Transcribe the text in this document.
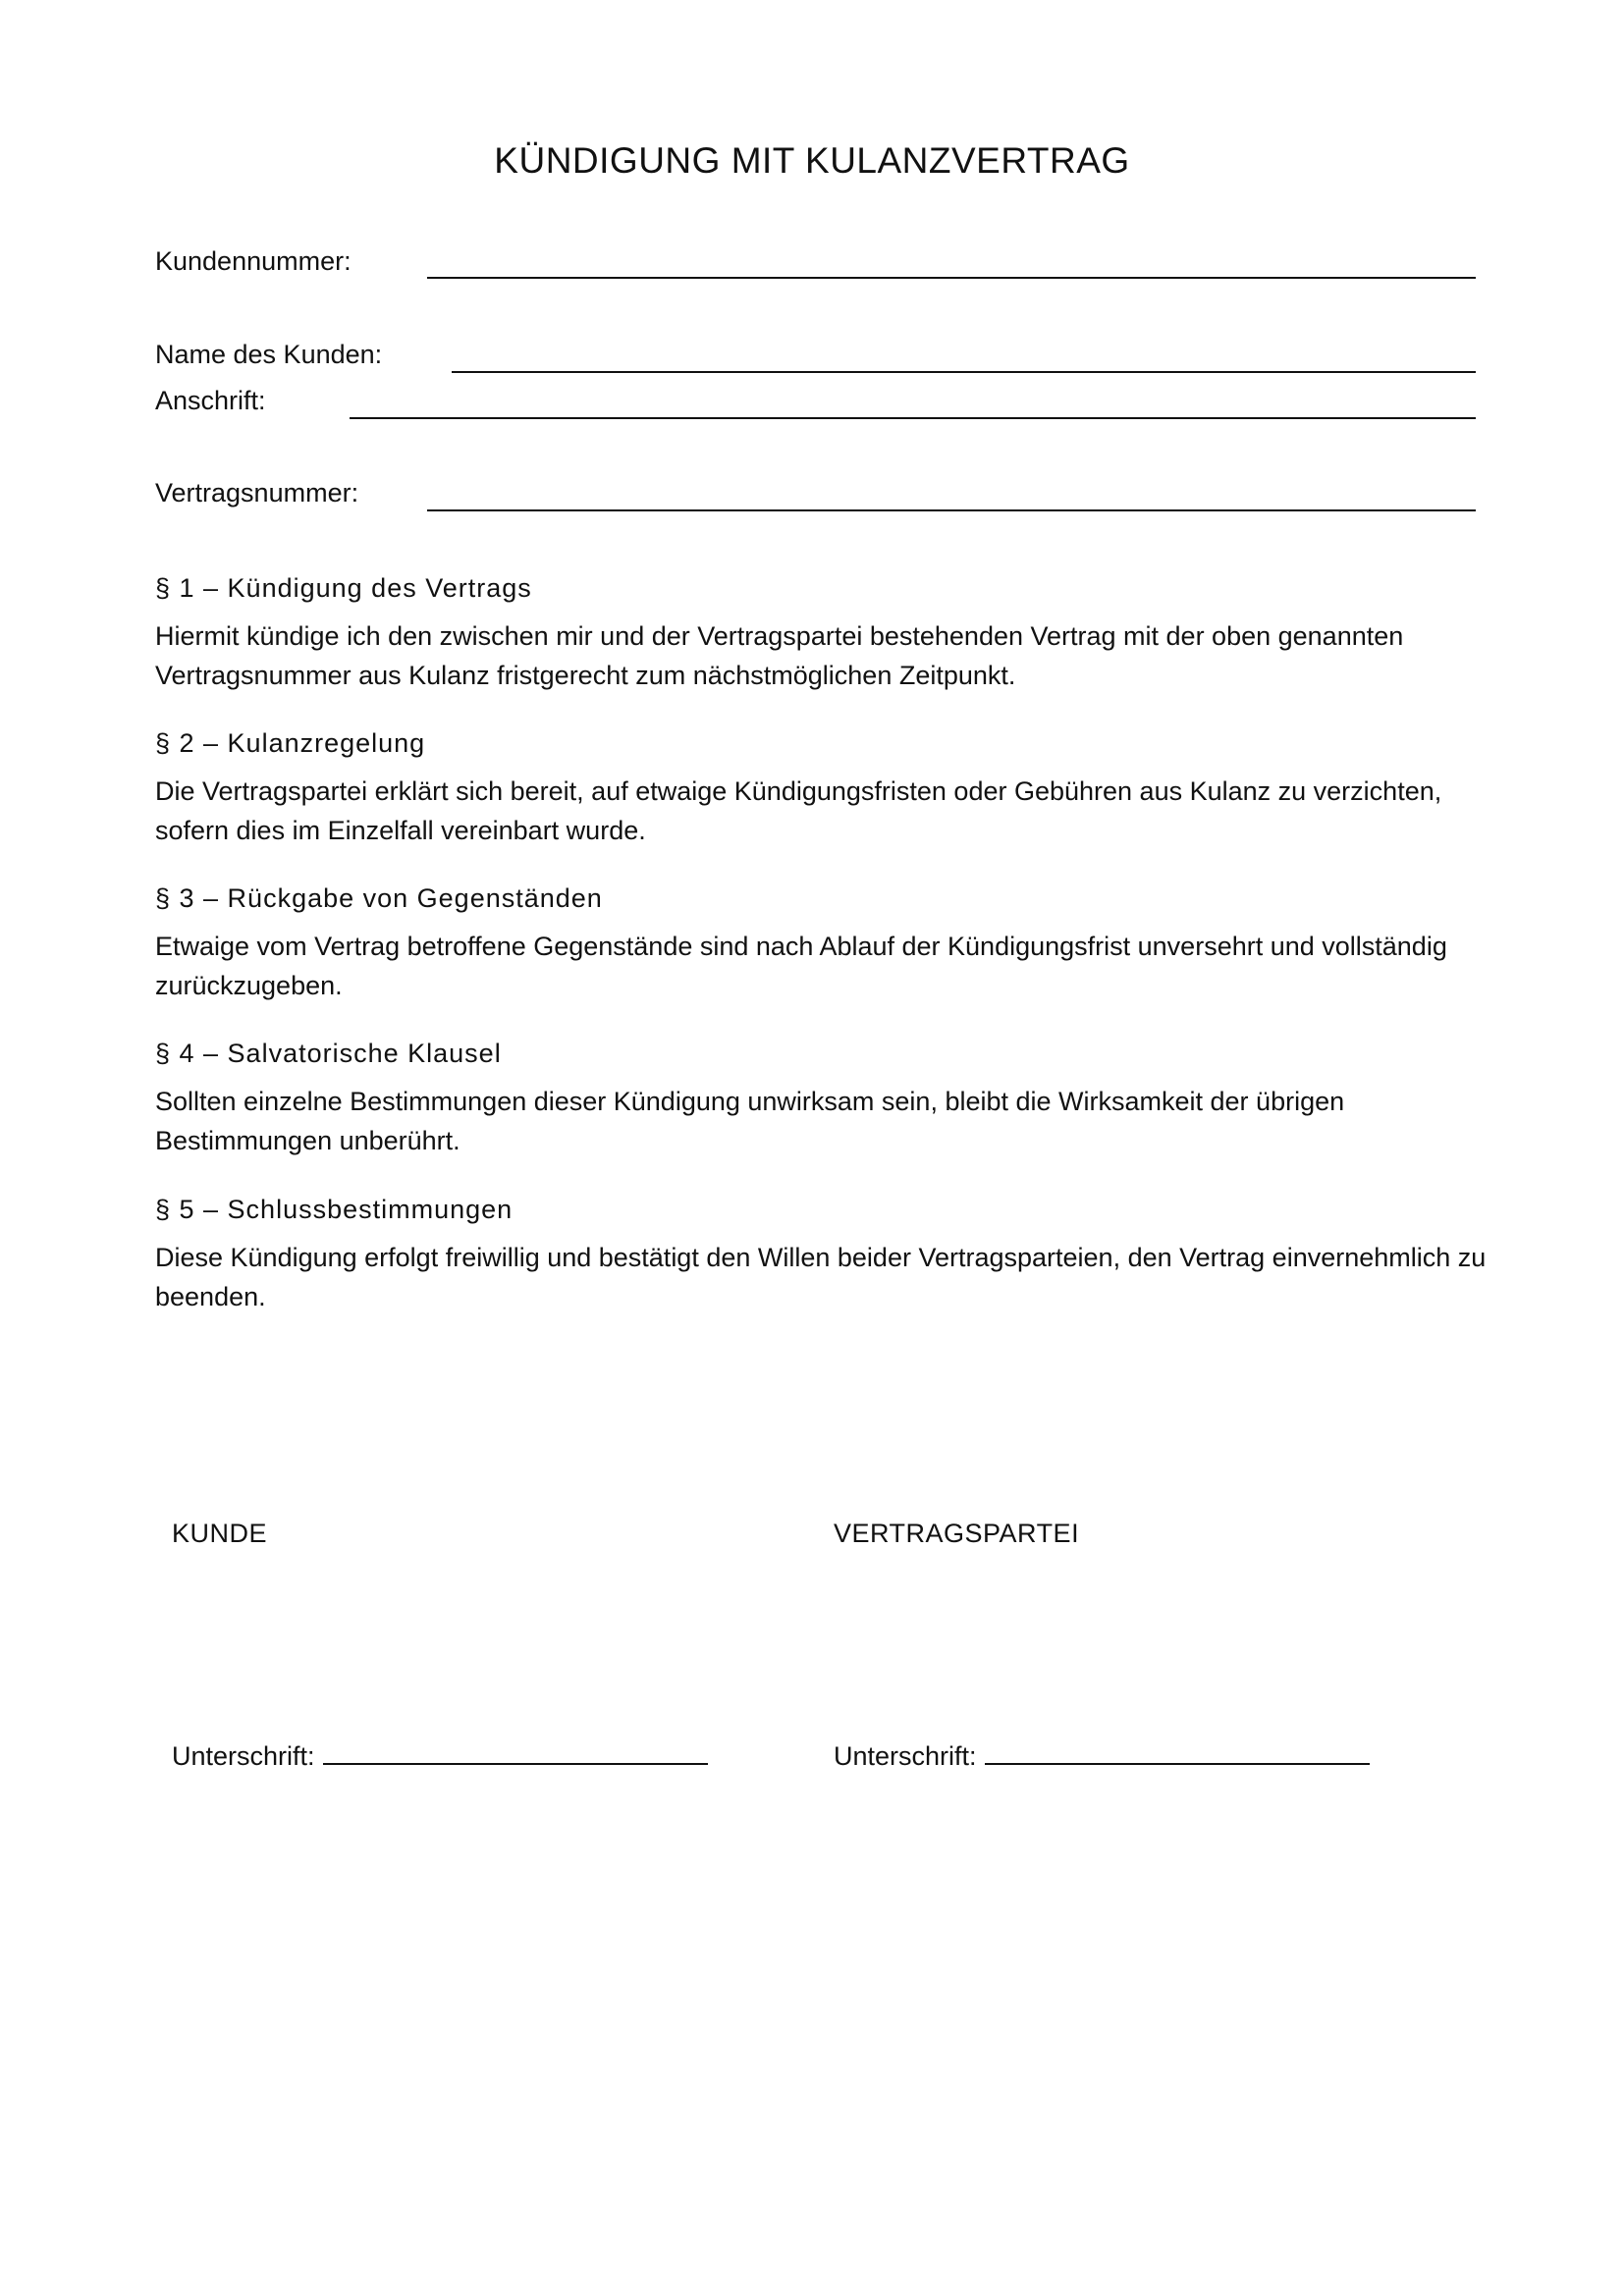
KÜNDIGUNG MIT KULANZVERTRAG
Kundennummer:
Name des Kunden:
Anschrift:
Vertragsnummer:

§ 1 – Kündigung des Vertrags

Hiermit kündige ich den zwischen mir und der Vertragspartei bestehenden Vertrag mit der oben genannten Vertragsnummer aus Kulanz fristgerecht zum nächstmöglichen Zeitpunkt.

§ 2 – Kulanzregelung

Die Vertragspartei erklärt sich bereit, auf etwaige Kündigungsfristen oder Gebühren aus Kulanz zu verzichten, sofern dies im Einzelfall vereinbart wurde.

§ 3 – Rückgabe von Gegenständen

Etwaige vom Vertrag betroffene Gegenstände sind nach Ablauf der Kündigungsfrist unversehrt und vollständig zurückzugeben.

§ 4 – Salvatorische Klausel

Sollten einzelne Bestimmungen dieser Kündigung unwirksam sein, bleibt die Wirksamkeit der übrigen Bestimmungen unberührt.

§ 5 – Schlussbestimmungen

Diese Kündigung erfolgt freiwillig und bestätigt den Willen beider Vertragsparteien, den Vertrag einvernehmlich zu beenden.

KUNDE	VERTRAGSPARTEI
Unterschrift:	Unterschrift:
